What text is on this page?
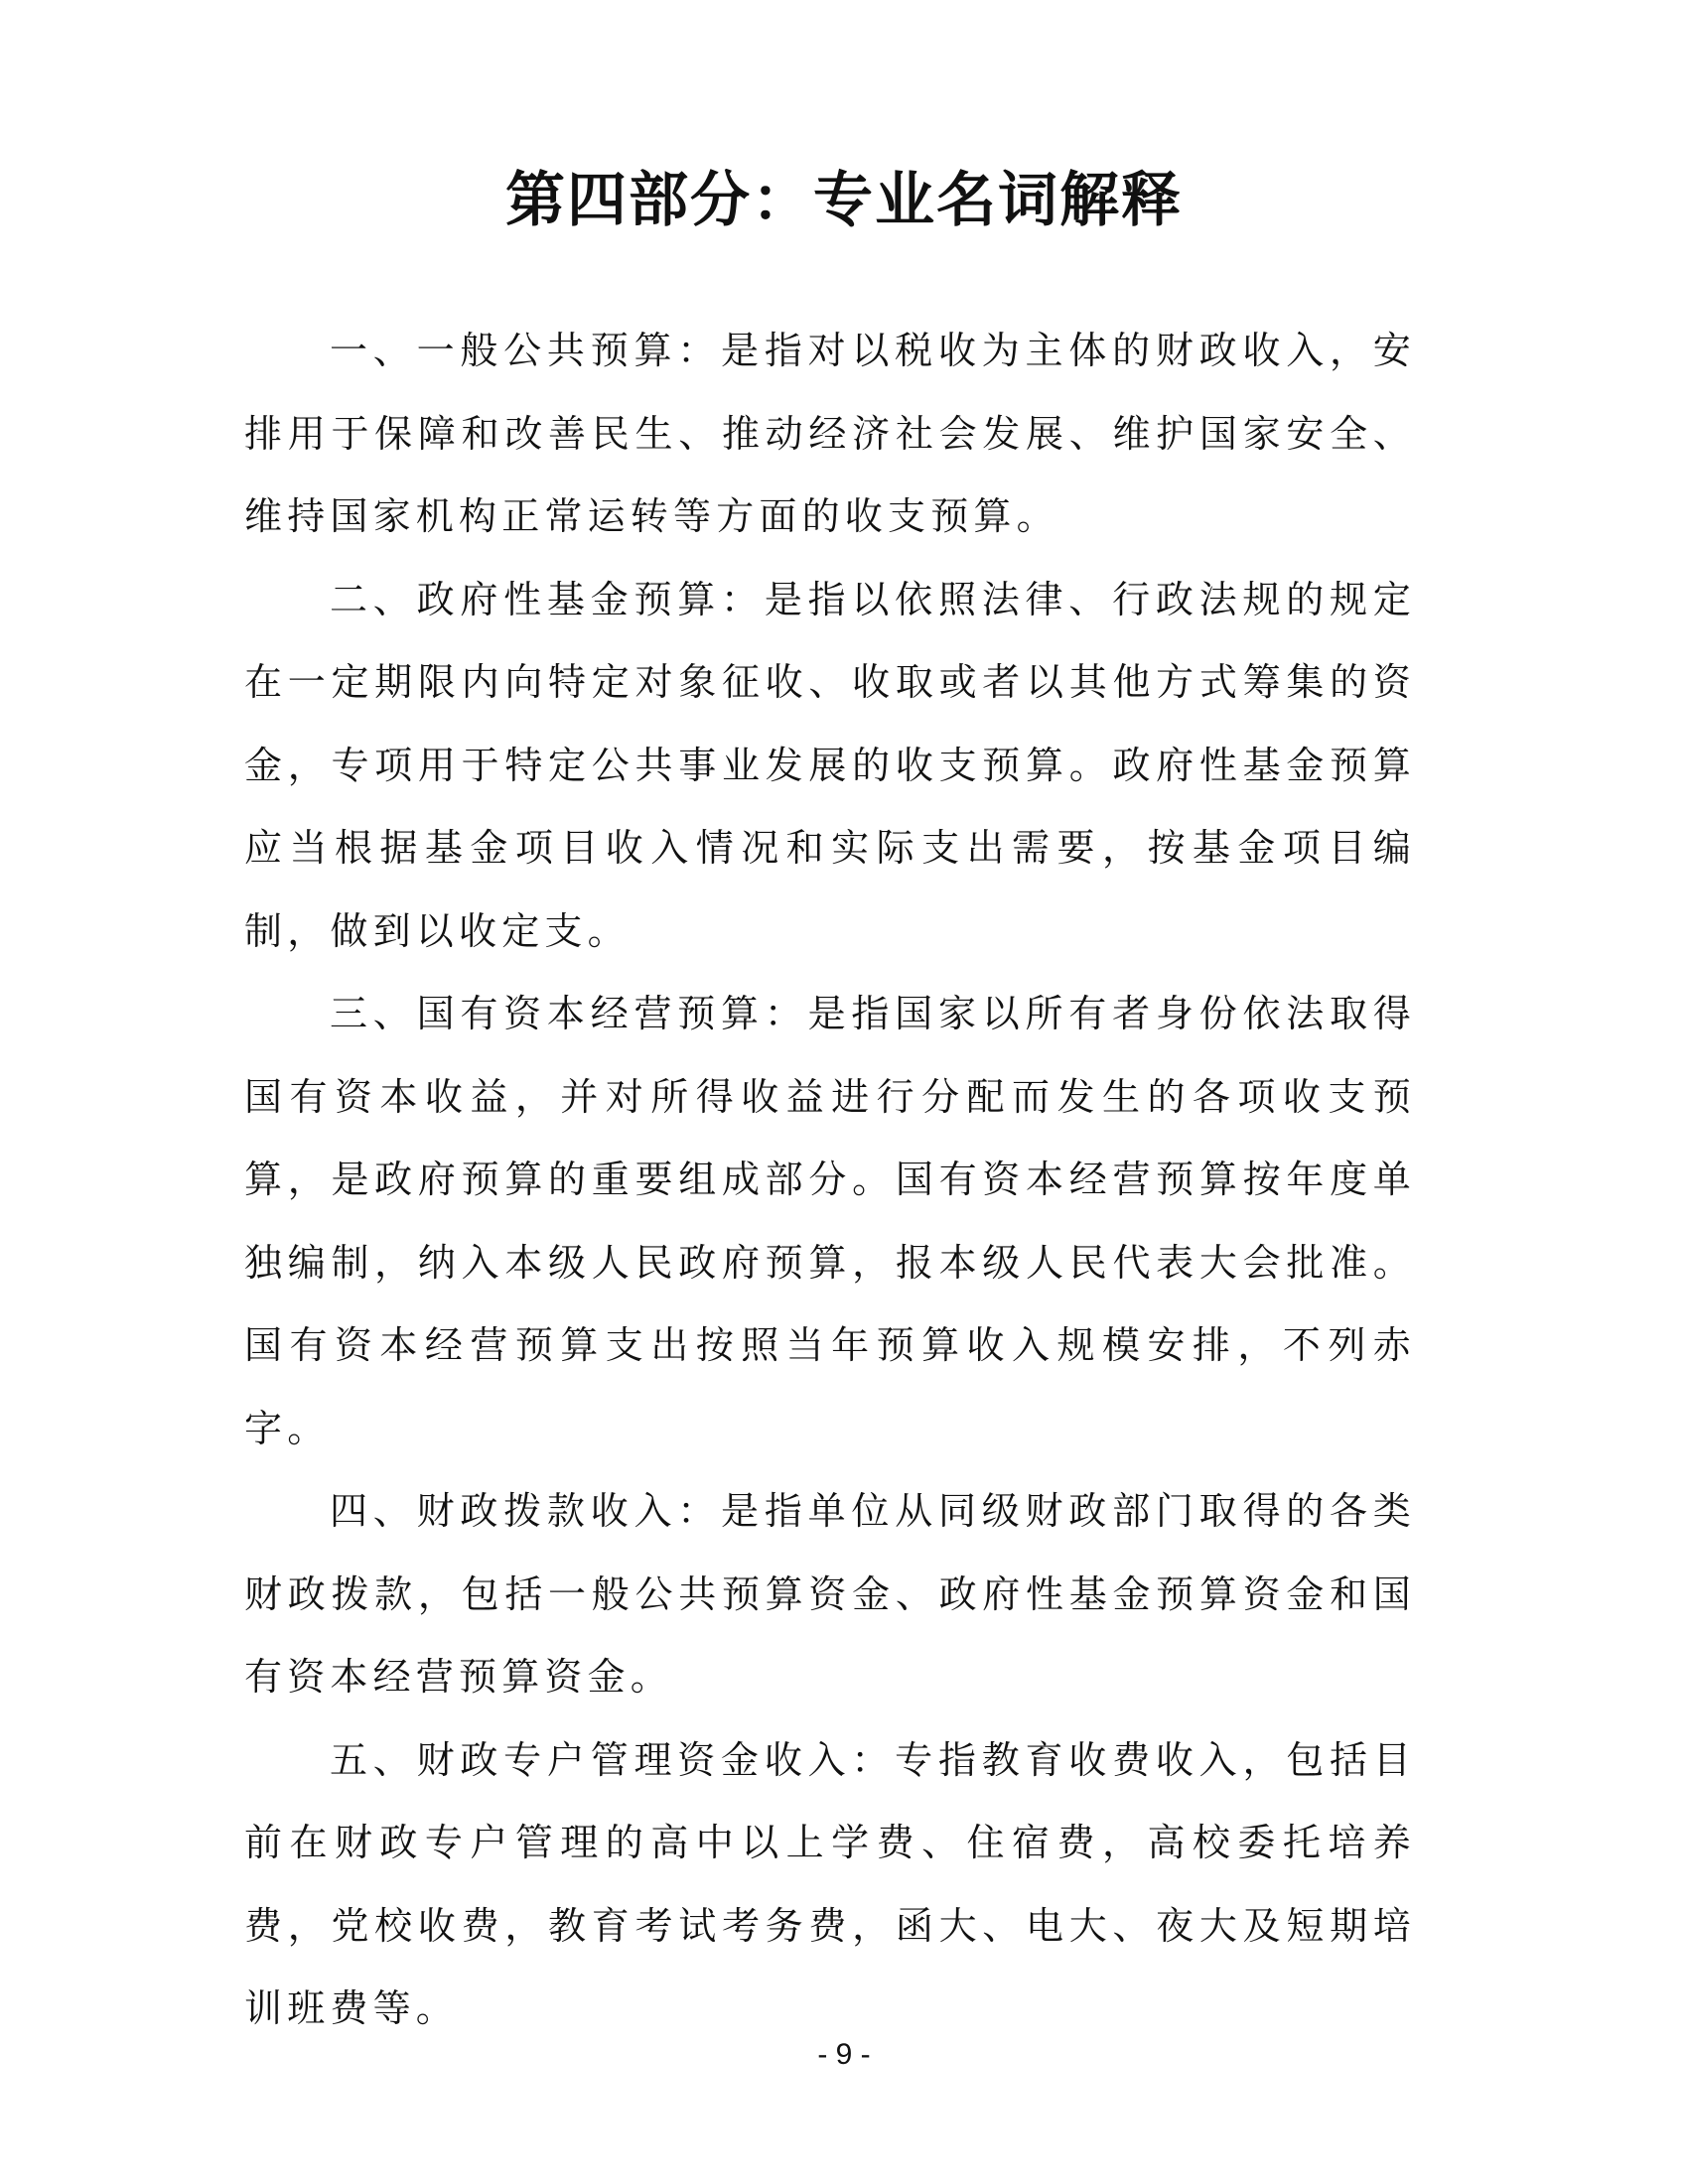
第四部分：专业名词解释

一、一般公共预算：是指对以税收为主体的财政收入，安排用于保障和改善民生、推动经济社会发展、维护国家安全、维持国家机构正常运转等方面的收支预算。

二、政府性基金预算：是指以依照法律、行政法规的规定在一定期限内向特定对象征收、收取或者以其他方式筹集的资金，专项用于特定公共事业发展的收支预算。政府性基金预算应当根据基金项目收入情况和实际支出需要，按基金项目编制，做到以收定支。

三、国有资本经营预算：是指国家以所有者身份依法取得国有资本收益，并对所得收益进行分配而发生的各项收支预算，是政府预算的重要组成部分。国有资本经营预算按年度单独编制，纳入本级人民政府预算，报本级人民代表大会批准。国有资本经营预算支出按照当年预算收入规模安排，不列赤字。

四、财政拨款收入：是指单位从同级财政部门取得的各类财政拨款，包括一般公共预算资金、政府性基金预算资金和国有资本经营预算资金。

五、财政专户管理资金收入：专指教育收费收入，包括目前在财政专户管理的高中以上学费、住宿费，高校委托培养费，党校收费，教育考试考务费，函大、电大、夜大及短期培训班费等。

- 9 -
